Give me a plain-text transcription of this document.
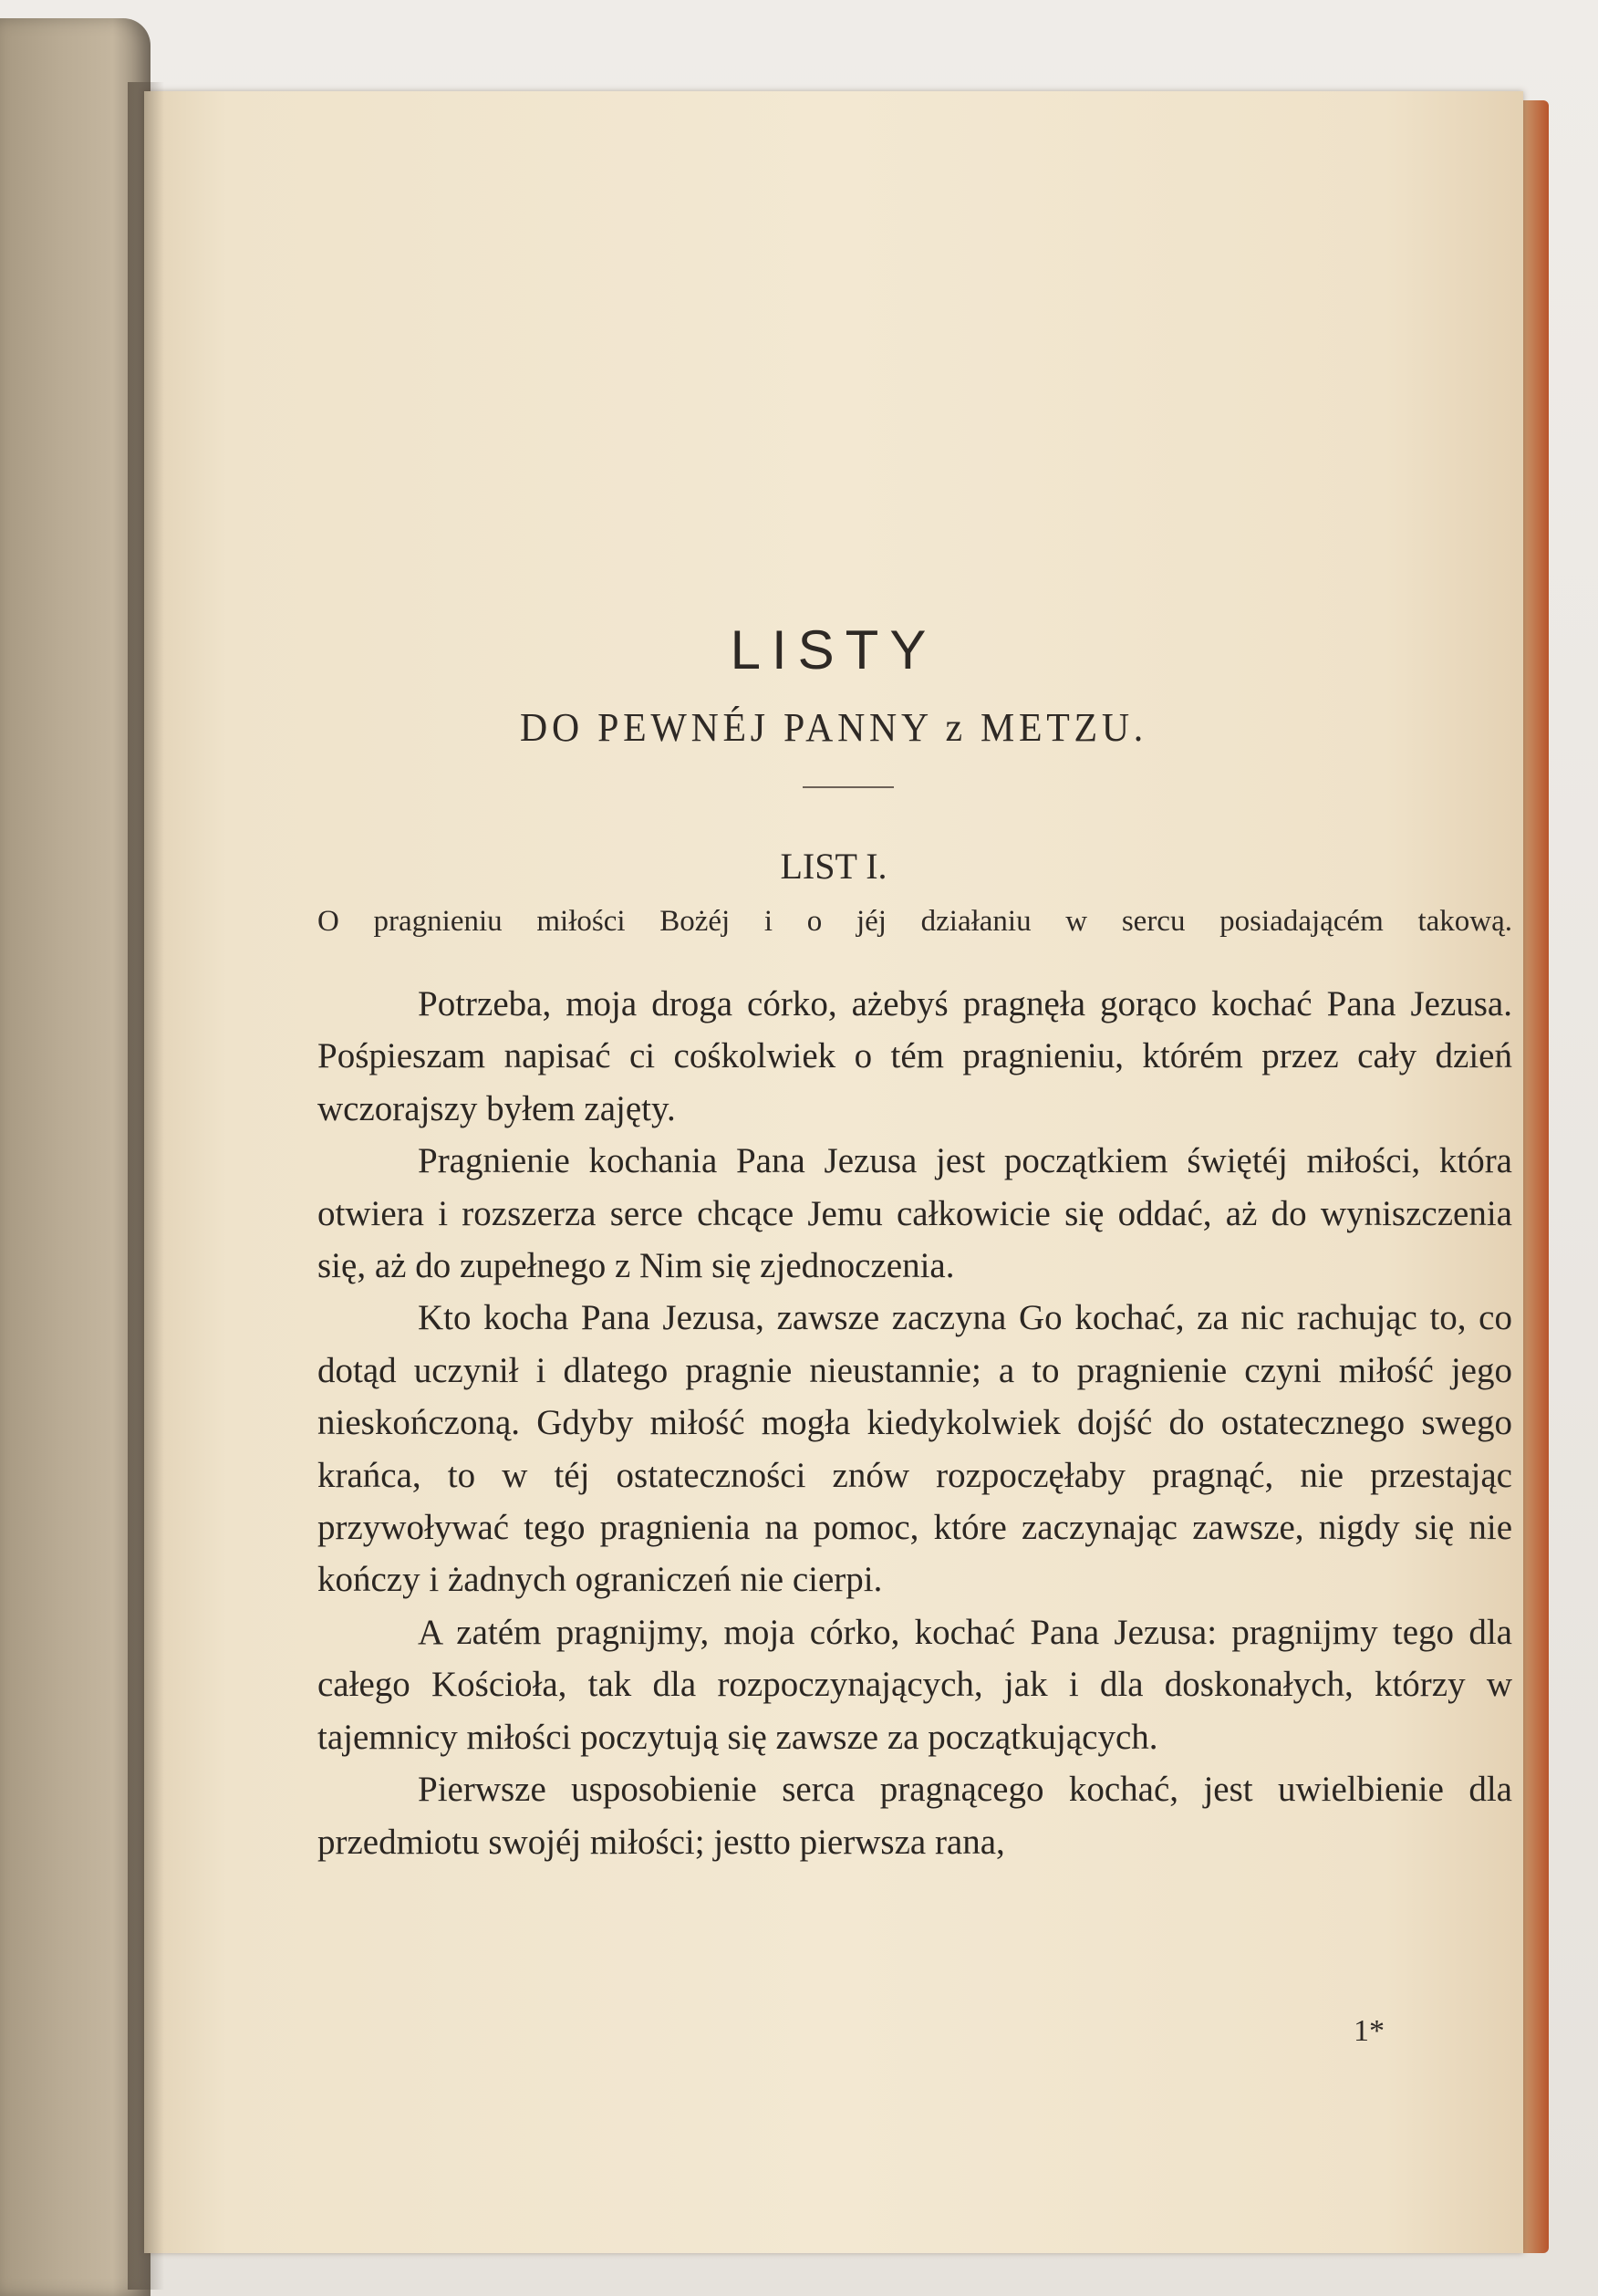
LISTY
DO PEWNÉJ PANNY z METZU.
LIST I.
O pragnieniu miłości Bożéj i o jéj działaniu w sercu posiadającém takową.

Potrzeba, moja droga córko, ażebyś pragnęła gorąco kochać Pana Jezusa. Pośpieszam napisać ci cośkolwiek o tém pragnieniu, którém przez cały dzień wczorajszy byłem zajęty.

Pragnienie kochania Pana Jezusa jest początkiem świętéj miłości, która otwiera i rozszerza serce chcące Jemu całkowicie się oddać, aż do wyniszczenia się, aż do zupełnego z Nim się zjednoczenia.

Kto kocha Pana Jezusa, zawsze zaczyna Go kochać, za nic rachując to, co dotąd uczynił i dlatego pragnie nieustannie; a to pragnienie czyni miłość jego nieskończoną. Gdyby miłość mogła kiedykolwiek dojść do ostatecznego swego krańca, to w téj ostateczności znów rozpoczęłaby pragnąć, nie przestając przywoływać tego pragnienia na pomoc, które zaczynając zawsze, nigdy się nie kończy i żadnych ograniczeń nie cierpi.

A zatém pragnijmy, moja córko, kochać Pana Jezusa: pragnijmy tego dla całego Kościoła, tak dla rozpoczynających, jak i dla doskonałych, którzy w tajemnicy miłości poczytują się zawsze za początkujących.

Pierwsze usposobienie serca pragnącego kochać, jest uwielbienie dla przedmiotu swojéj miłości; jestto pierwsza rana,

1*
